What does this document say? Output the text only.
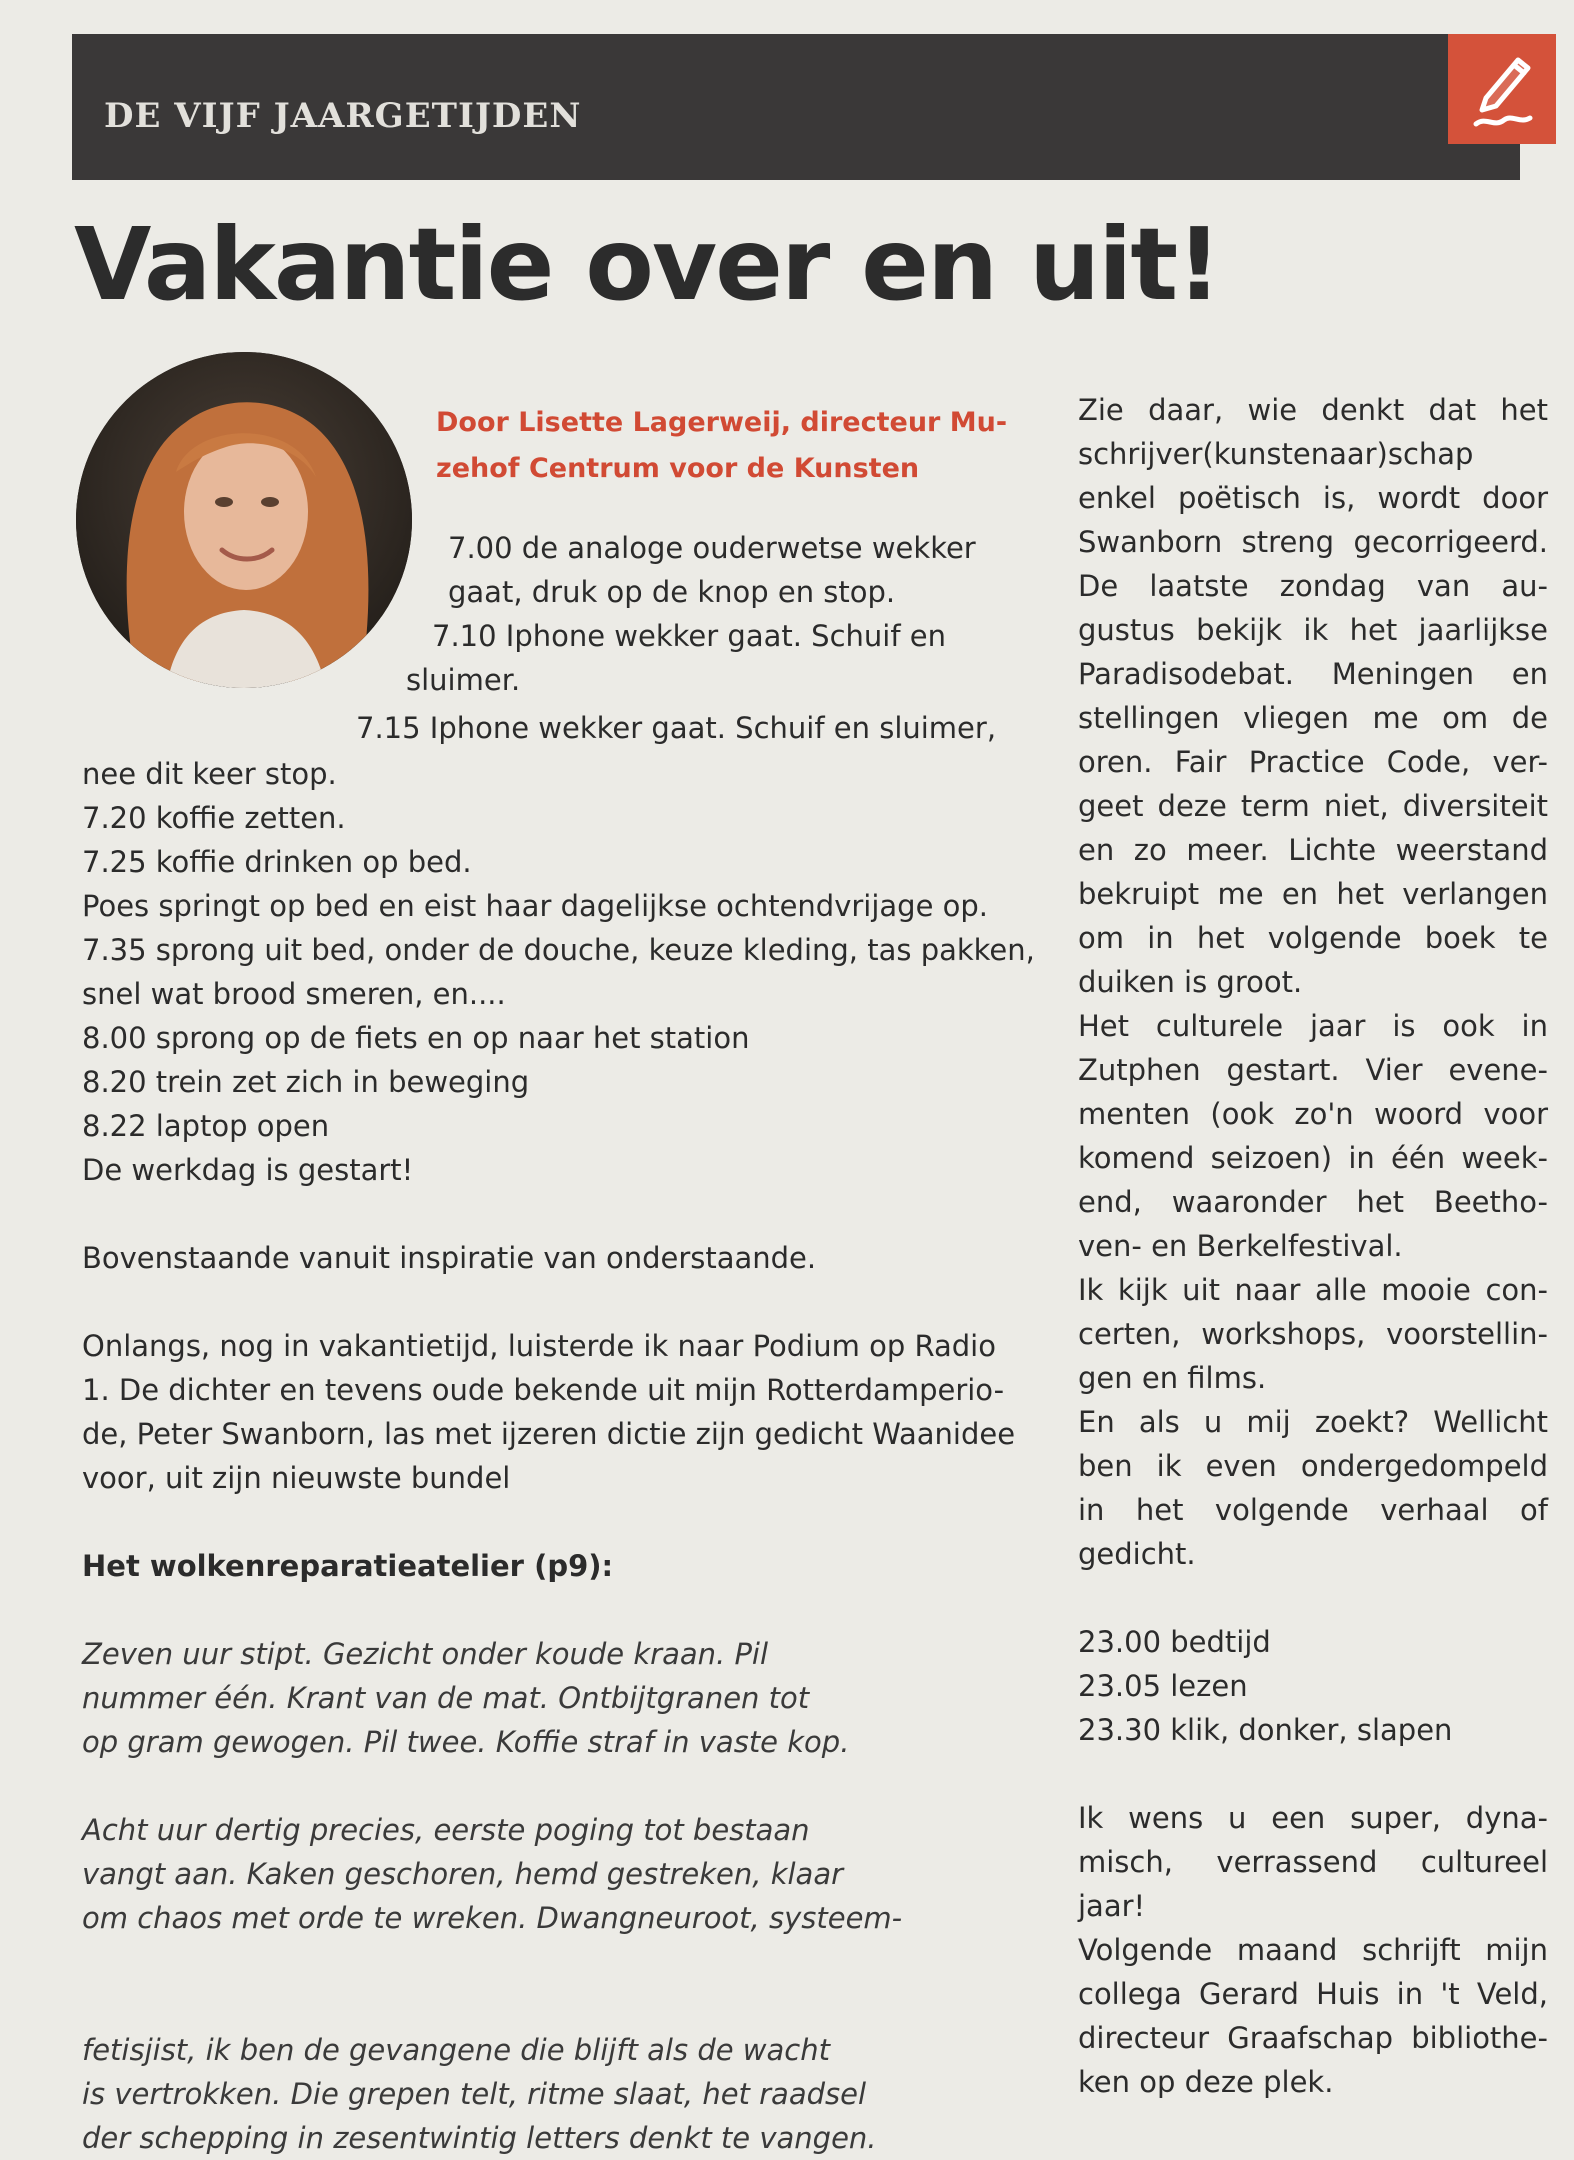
DE VIJF JAARGETIJDEN
Vakantie over en uit!
Door Lisette Lagerweij, directeur Mu-
zehof Centrum voor de Kunsten
7.00 de analoge ouderwetse wekker
gaat, druk op de knop en stop.
7.10 Iphone wekker gaat. Schuif en
sluimer.
7.15 Iphone wekker gaat. Schuif en sluimer,
nee dit keer stop.
7.20 koffie zetten.
7.25 koffie drinken op bed.
Poes springt op bed en eist haar dagelijkse ochtendvrijage op.
7.35 sprong uit bed, onder de douche, keuze kleding, tas pakken,
snel wat brood smeren, en....
8.00 sprong op de fiets en op naar het station
8.20 trein zet zich in beweging
8.22 laptop open
De werkdag is gestart!
Bovenstaande vanuit inspiratie van onderstaande.
Onlangs, nog in vakantietijd, luisterde ik naar Podium op Radio
1. De dichter en tevens oude bekende uit mijn Rotterdamperio-
de, Peter Swanborn, las met ijzeren dictie zijn gedicht Waanidee
voor, uit zijn nieuwste bundel
Het wolkenreparatieatelier (p9):
Zeven uur stipt. Gezicht onder koude kraan. Pil
nummer één. Krant van de mat. Ontbijtgranen tot
op gram gewogen. Pil twee. Koffie straf in vaste kop.
Acht uur dertig precies, eerste poging tot bestaan
vangt aan. Kaken geschoren, hemd gestreken, klaar
om chaos met orde te wreken. Dwangneuroot, systeem-
fetisjist, ik ben de gevangene die blijft als de wacht
is vertrokken. Die grepen telt, ritme slaat, het raadsel
der schepping in zesentwintig letters denkt te vangen.
Zie daar, wie denkt dat het
schrijver(kunstenaar)schap
enkel poëtisch is, wordt door
Swanborn streng gecorrigeerd.
De laatste zondag van au-
gustus bekijk ik het jaarlijkse
Paradisodebat. Meningen en
stellingen vliegen me om de
oren. Fair Practice Code, ver-
geet deze term niet, diversiteit
en zo meer. Lichte weerstand
bekruipt me en het verlangen
om in het volgende boek te
duiken is groot.
Het culturele jaar is ook in
Zutphen gestart. Vier evene-
menten (ook zo'n woord voor
komend seizoen) in één week-
end, waaronder het Beetho-
ven- en Berkelfestival.
Ik kijk uit naar alle mooie con-
certen, workshops, voorstellin-
gen en films.
En als u mij zoekt? Wellicht
ben ik even ondergedompeld
in het volgende verhaal of
gedicht.
23.00 bedtijd
23.05 lezen
23.30 klik, donker, slapen
Ik wens u een super, dyna-
misch, verrassend cultureel
jaar!
Volgende maand schrijft mijn
collega Gerard Huis in 't Veld,
directeur Graafschap bibliothe-
ken op deze plek.
